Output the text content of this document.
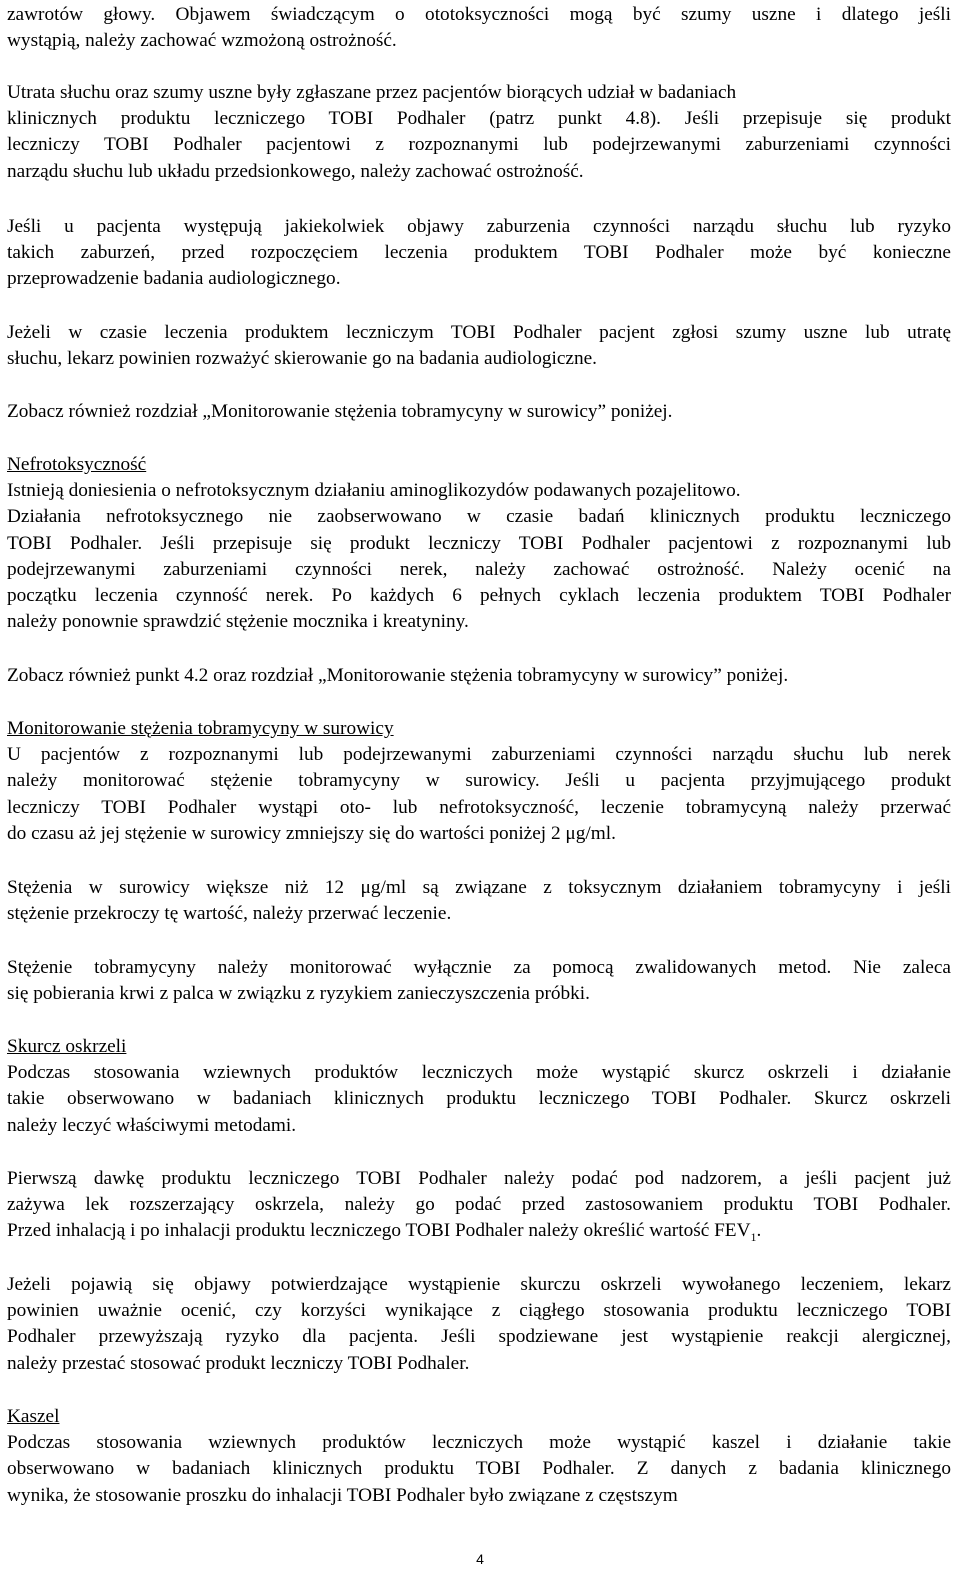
zawrotów głowy. Objawem świadczącym o ototoksyczności mogą być szumy uszne i dlatego jeśli
wystąpią, należy zachować wzmożoną ostrożność.
Utrata słuchu oraz szumy uszne były zgłaszane przez pacjentów biorących udział w badaniach
klinicznych produktu leczniczego TOBI Podhaler (patrz punkt 4.8). Jeśli przepisuje się produkt
leczniczy TOBI Podhaler pacjentowi z rozpoznanymi lub podejrzewanymi zaburzeniami czynności
narządu słuchu lub układu przedsionkowego, należy zachować ostrożność.
Jeśli u pacjenta występują jakiekolwiek objawy zaburzenia czynności narządu słuchu lub ryzyko
takich zaburzeń, przed rozpoczęciem leczenia produktem TOBI Podhaler może być konieczne
przeprowadzenie badania audiologicznego.
Jeżeli w czasie leczenia produktem leczniczym TOBI Podhaler pacjent zgłosi szumy uszne lub utratę
słuchu, lekarz powinien rozważyć skierowanie go na badania audiologiczne.
Zobacz również rozdział „Monitorowanie stężenia tobramycyny w surowicy” poniżej.
Nefrotoksyczność
Istnieją doniesienia o nefrotoksycznym działaniu aminoglikozydów podawanych pozajelitowo.
Działania nefrotoksycznego nie zaobserwowano w czasie badań klinicznych produktu leczniczego
TOBI Podhaler. Jeśli przepisuje się produkt leczniczy TOBI Podhaler pacjentowi z rozpoznanymi lub
podejrzewanymi zaburzeniami czynności nerek, należy zachować ostrożność. Należy ocenić na
początku leczenia czynność nerek. Po każdych 6 pełnych cyklach leczenia produktem TOBI Podhaler
należy ponownie sprawdzić stężenie mocznika i kreatyniny.
Zobacz również punkt 4.2 oraz rozdział „Monitorowanie stężenia tobramycyny w surowicy” poniżej.
Monitorowanie stężenia tobramycyny w surowicy
U pacjentów z rozpoznanymi lub podejrzewanymi zaburzeniami czynności narządu słuchu lub nerek
należy monitorować stężenie tobramycyny w surowicy. Jeśli u pacjenta przyjmującego produkt
leczniczy TOBI Podhaler wystąpi oto- lub nefrotoksyczność, leczenie tobramycyną należy przerwać
do czasu aż jej stężenie w surowicy zmniejszy się do wartości poniżej 2 μg/ml.
Stężenia w surowicy większe niż 12 μg/ml są związane z toksycznym działaniem tobramycyny i jeśli
stężenie przekroczy tę wartość, należy przerwać leczenie.
Stężenie tobramycyny należy monitorować wyłącznie za pomocą zwalidowanych metod. Nie zaleca
się pobierania krwi z palca w związku z ryzykiem zanieczyszczenia próbki.
Skurcz oskrzeli
Podczas stosowania wziewnych produktów leczniczych może wystąpić skurcz oskrzeli i działanie
takie obserwowano w badaniach klinicznych produktu leczniczego TOBI Podhaler. Skurcz oskrzeli
należy leczyć właściwymi metodami.
Pierwszą dawkę produktu leczniczego TOBI Podhaler należy podać pod nadzorem, a jeśli pacjent już
zażywa lek rozszerzający oskrzela, należy go podać przed zastosowaniem produktu TOBI Podhaler.
Przed inhalacją i po inhalacji produktu leczniczego TOBI Podhaler należy określić wartość $FEV_1$.
Jeżeli pojawią się objawy potwierdzające wystąpienie skurczu oskrzeli wywołanego leczeniem, lekarz
powinien uważnie ocenić, czy korzyści wynikające z ciągłego stosowania produktu leczniczego TOBI
Podhaler przewyższają ryzyko dla pacjenta. Jeśli spodziewane jest wystąpienie reakcji alergicznej,
należy przestać stosować produkt leczniczy TOBI Podhaler.
Kaszel
Podczas stosowania wziewnych produktów leczniczych może wystąpić kaszel i działanie takie
obserwowano w badaniach klinicznych produktu TOBI Podhaler. Z danych z badania klinicznego
wynika, że stosowanie proszku do inhalacji TOBI Podhaler było związane z częstszym
4
